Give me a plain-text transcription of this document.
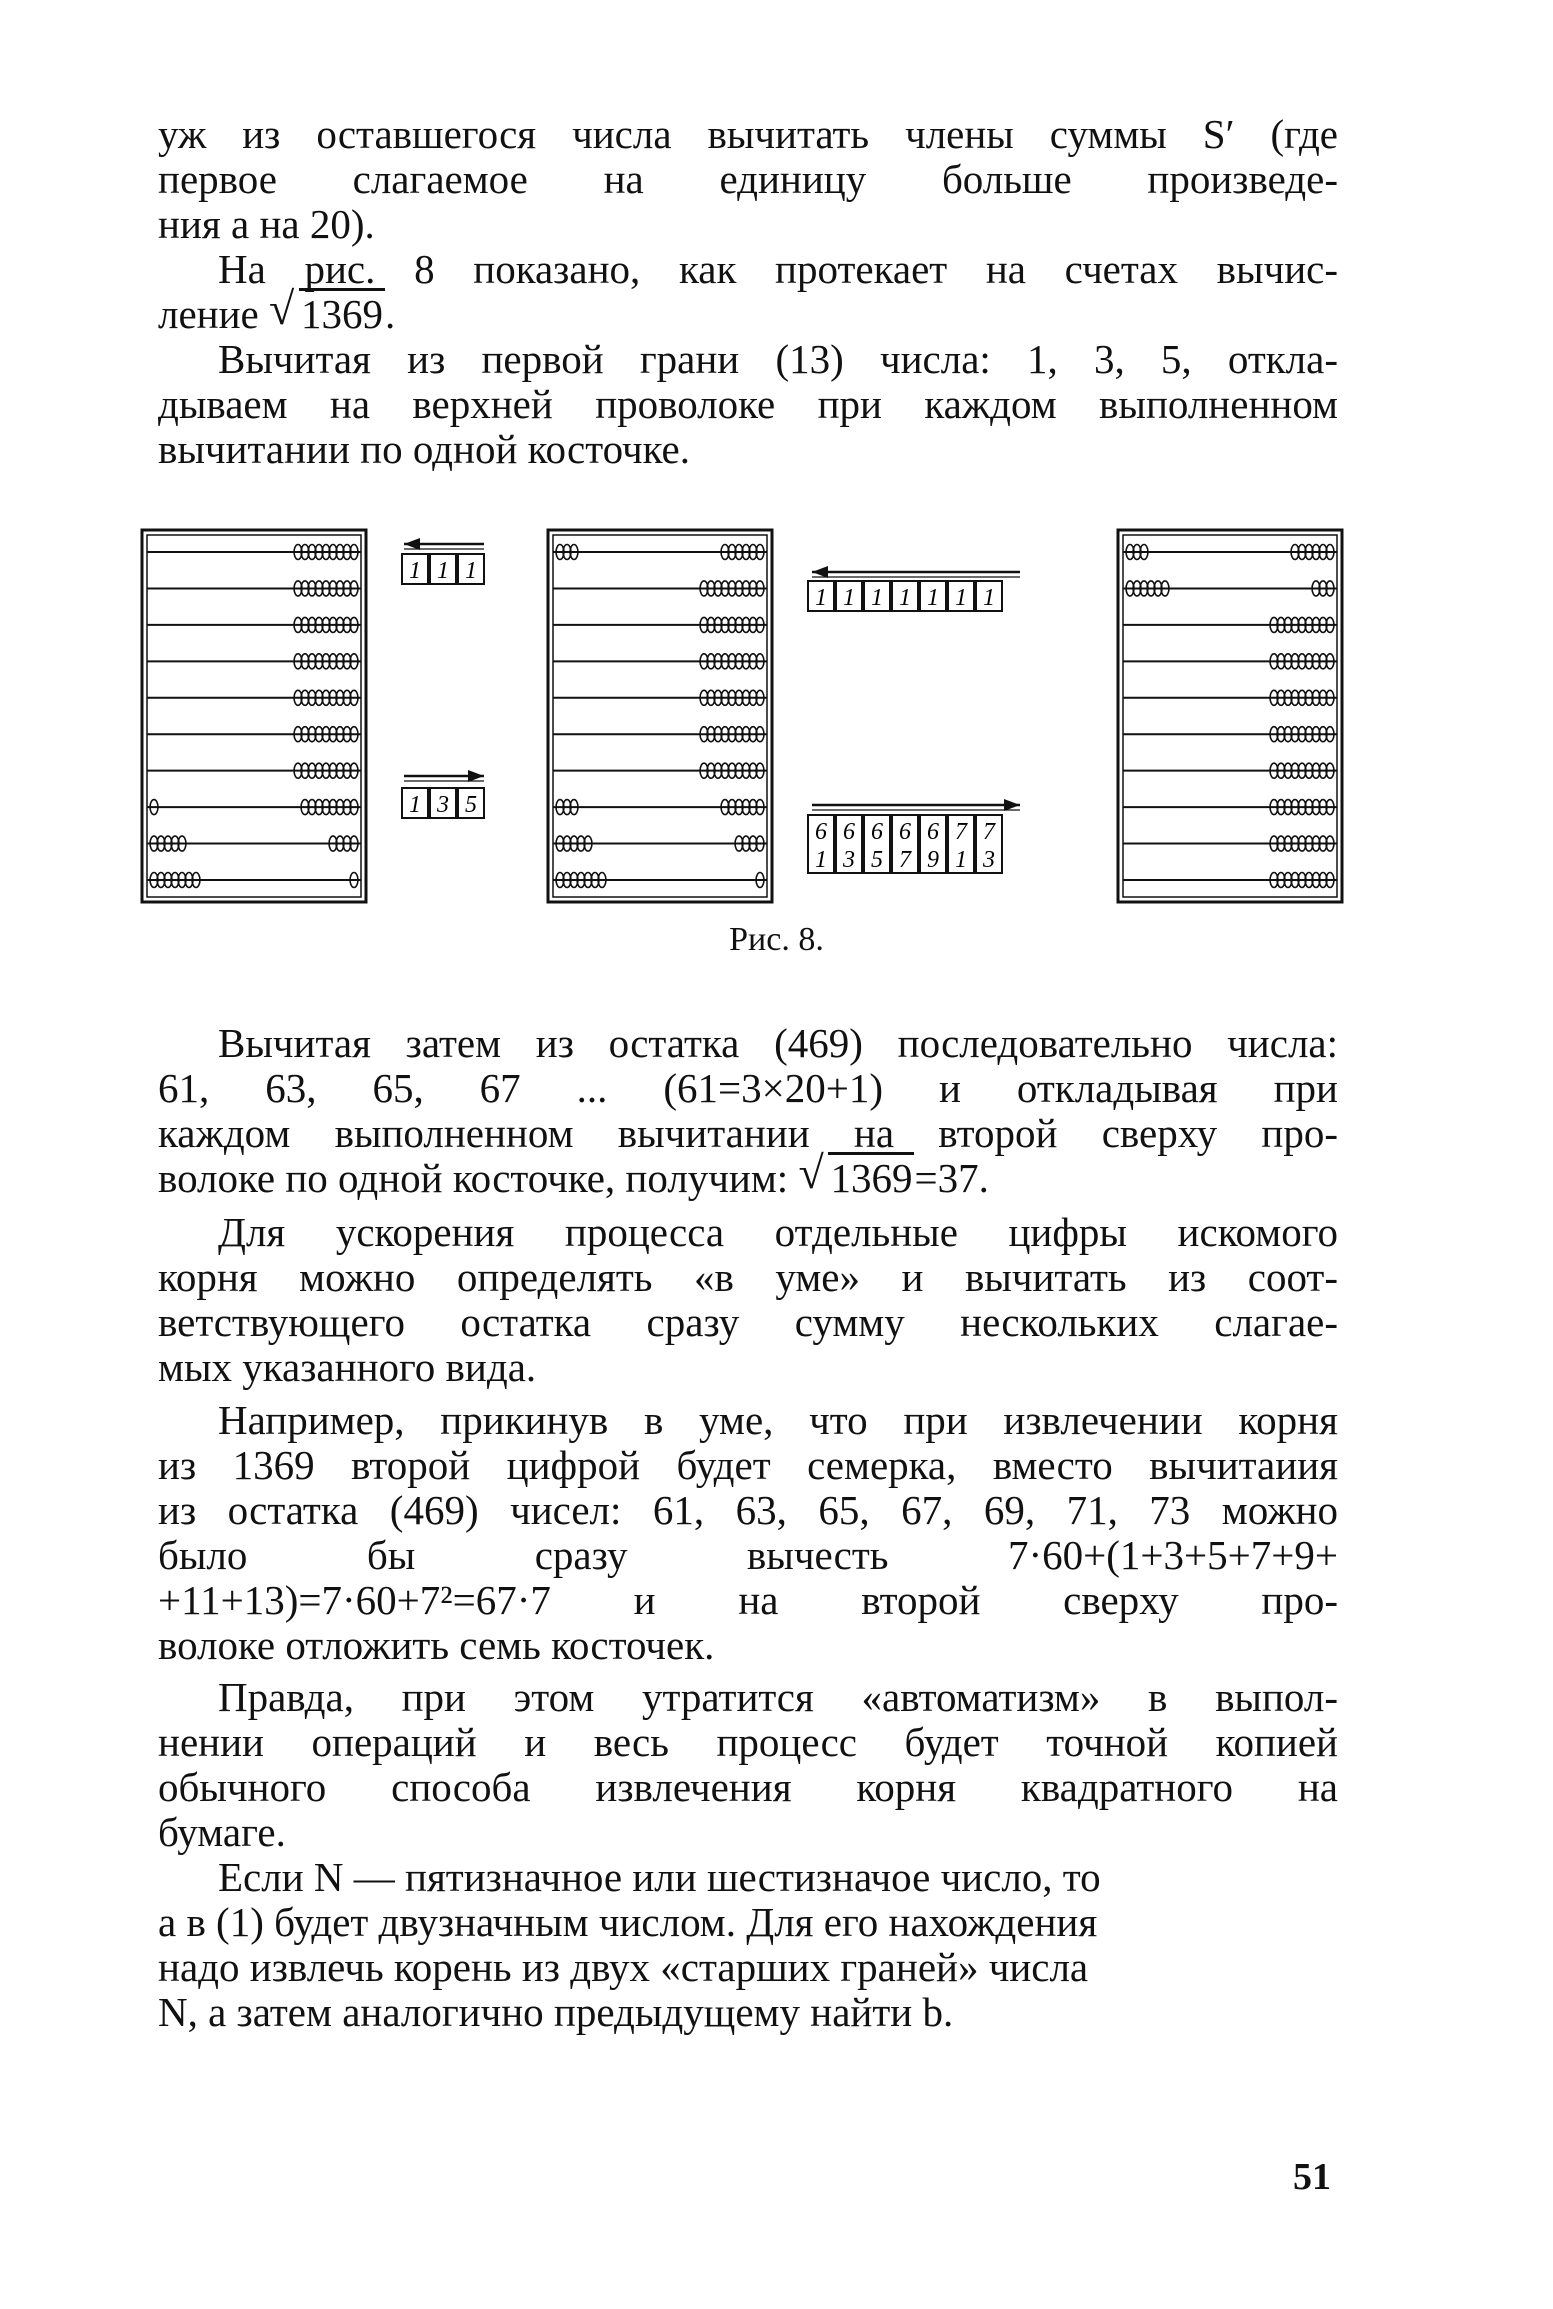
уж из оставшегося числа вычитать члены суммы S′ (где
первое слагаемое на единицу больше произведе-
ния a на 20).
На рис. 8 показано, как протекает на счетах вычис-
ление √ 1369.
Вычитая из первой грани (13) числа: 1, 3, 5, откла-
дываем на верхней проволоке при каждом выполненном
вычитании по одной косточке.
1 1 1
1 3 5
1 1 1 1 1 1 1
6
1
6
3
6
5
6
7
6
9
7
1
7
3
Рис. 8.
Вычитая затем из остатка (469) последовательно числа:
61, 63, 65, 67 ... (61=3×20+1) и откладывая при
каждом выполненном вычитании на второй сверху про-
волоке по одной косточке, получим: √ 1369=37.
Для ускорения процесса отдельные цифры искомого
корня можно определять «в уме» и вычитать из соот-
ветствующего остатка сразу сумму нескольких слагае-
мых указанного вида.
Например, прикинув в уме, что при извлечении корня
из 1369 второй цифрой будет семерка, вместо вычитаиия
из остатка (469) чисел: 61, 63, 65, 67, 69, 71, 73 можно
было бы сразу вычесть 7·60+(1+3+5+7+9+
+11+13)=7·60+7²=67·7 и на второй сверху про-
волоке отложить семь косточек.
Правда, при этом утратится «автоматизм» в выпол-
нении операций и весь процесс будет точной копией
обычного способа извлечения корня квадратного на
бумаге.
Если N — пятизначное или шестизначое число, то
a в (1) будет двузначным числом. Для его нахождения
надо извлечь корень из двух «старших граней» числа
N, а затем аналогично предыдущему найти b.
51
